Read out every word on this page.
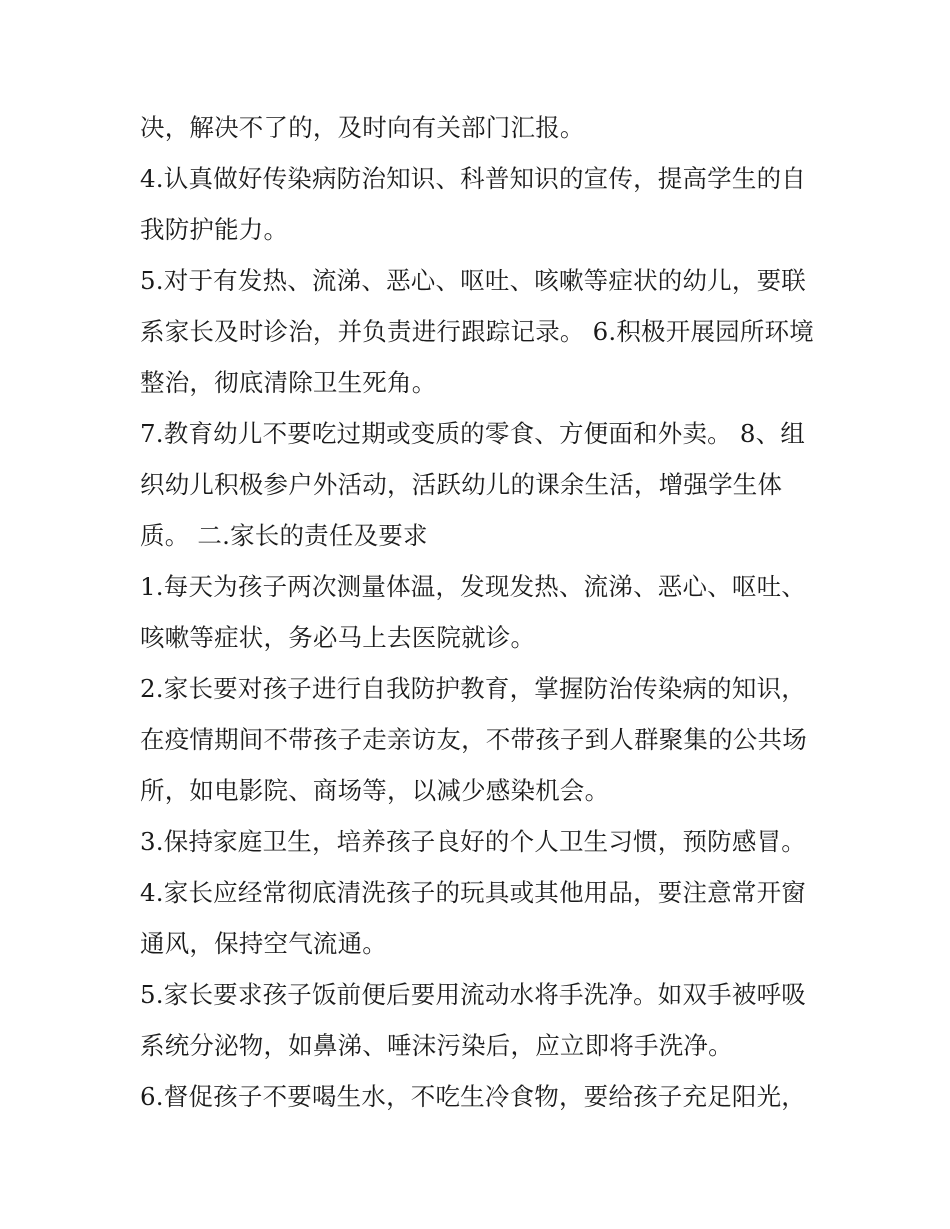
决，解决不了的，及时向有关部门汇报。

4.认真做好传染病防治知识、科普知识的宣传，提高学生的自

我防护能力。

5.对于有发热、流涕、恶心、呕吐、咳嗽等症状的幼儿，要联

系家长及时诊治，并负责进行跟踪记录。 6.积极开展园所环境

整治，彻底清除卫生死角。

7.教育幼儿不要吃过期或变质的零食、方便面和外卖。 8、组

织幼儿积极参户外活动，活跃幼儿的课余生活，增强学生体

质。 二.家长的责任及要求

1.每天为孩子两次测量体温，发现发热、流涕、恶心、呕吐、

咳嗽等症状，务必马上去医院就诊。

2.家长要对孩子进行自我防护教育，掌握防治传染病的知识，

在疫情期间不带孩子走亲访友，不带孩子到人群聚集的公共场

所，如电影院、商场等，以减少感染机会。

3.保持家庭卫生，培养孩子良好的个人卫生习惯，预防感冒。

4.家长应经常彻底清洗孩子的玩具或其他用品，要注意常开窗

通风，保持空气流通。

5.家长要求孩子饭前便后要用流动水将手洗净。如双手被呼吸

系统分泌物，如鼻涕、唾沫污染后，应立即将手洗净。

6.督促孩子不要喝生水，不吃生冷食物，要给孩子充足阳光，
